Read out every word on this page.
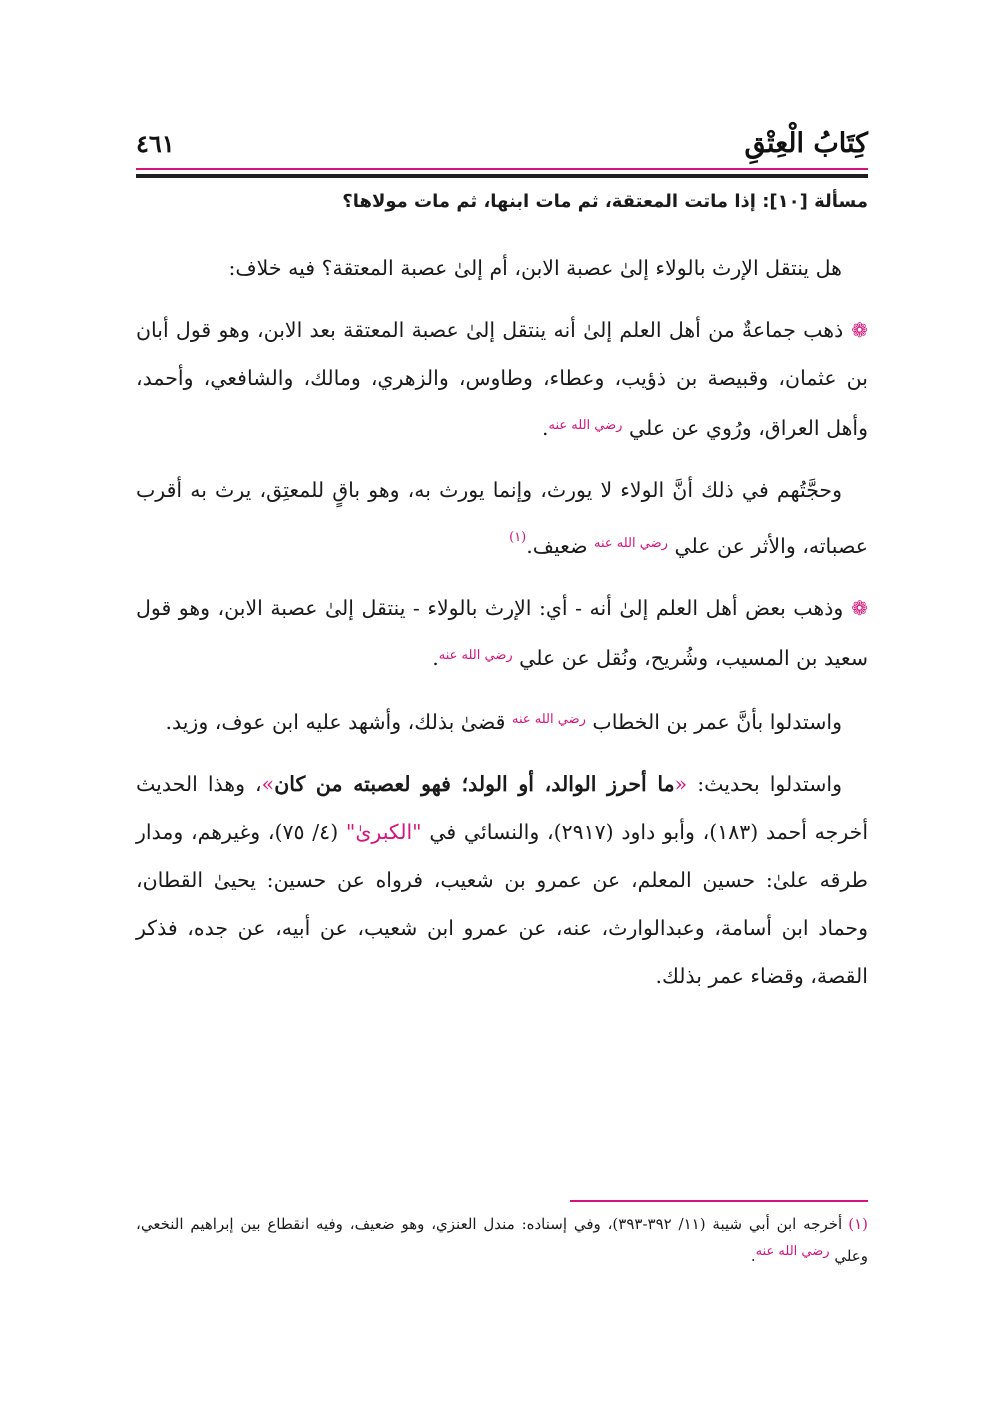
كِتَابُ الْعِتْقِ
٤٦١

مسألة [١٠]: إذا ماتت المعتقة، ثم مات ابنها، ثم مات مولاها؟

هل ينتقل الإرث بالولاء إلىٰ عصبة الابن، أم إلىٰ عصبة المعتقة؟ فيه خلاف:

❁ذهب جماعةٌ من أهل العلم إلىٰ أنه ينتقل إلىٰ عصبة المعتقة بعد الابن، وهو قول أبان بن عثمان، وقبيصة بن ذؤيب، وعطاء، وطاوس، والزهري، ومالك، والشافعي، وأحمد، وأهل العراق، ورُوي عن علي $^{رضي الله عنه}$.

وحجَّتُهم في ذلك أنَّ الولاء لا يورث، وإنما يورث به، وهو باقٍ للمعتِق، يرث به أقرب عصباته، والأثر عن علي $^{رضي الله عنه}$ ضعيف.$^{(١)}$

❁وذهب بعض أهل العلم إلىٰ أنه - أي: الإرث بالولاء - ينتقل إلىٰ عصبة الابن، وهو قول سعيد بن المسيب، وشُريح، ونُقل عن علي $^{رضي الله عنه}$.

واستدلوا بأنَّ عمر بن الخطاب $^{رضي الله عنه}$ قضىٰ بذلك، وأشهد عليه ابن عوف، وزيد.

واستدلوا بحديث: «ما أحرز الوالد، أو الولد؛ فهو لعصبته من كان»، وهذا الحديث أخرجه أحمد (١٨٣)، وأبو داود (٢٩١٧)، والنسائي في "الكبرىٰ" (٤/ ٧٥)، وغيرهم، ومدار طرقه علىٰ: حسين المعلم، عن عمرو بن شعيب، فرواه عن حسين: يحيىٰ القطان، وحماد ابن أسامة، وعبدالوارث، عنه، عن عمرو ابن شعيب، عن أبيه، عن جده، فذكر القصة، وقضاء عمر بذلك.

(١)أخرجه ابن أبي شيبة (١١/ ٣٩٢-٣٩٣)، وفي إسناده: مندل العنزي، وهو ضعيف، وفيه انقطاع بين إبراهيم النخعي، وعلي رضي الله عنه.
